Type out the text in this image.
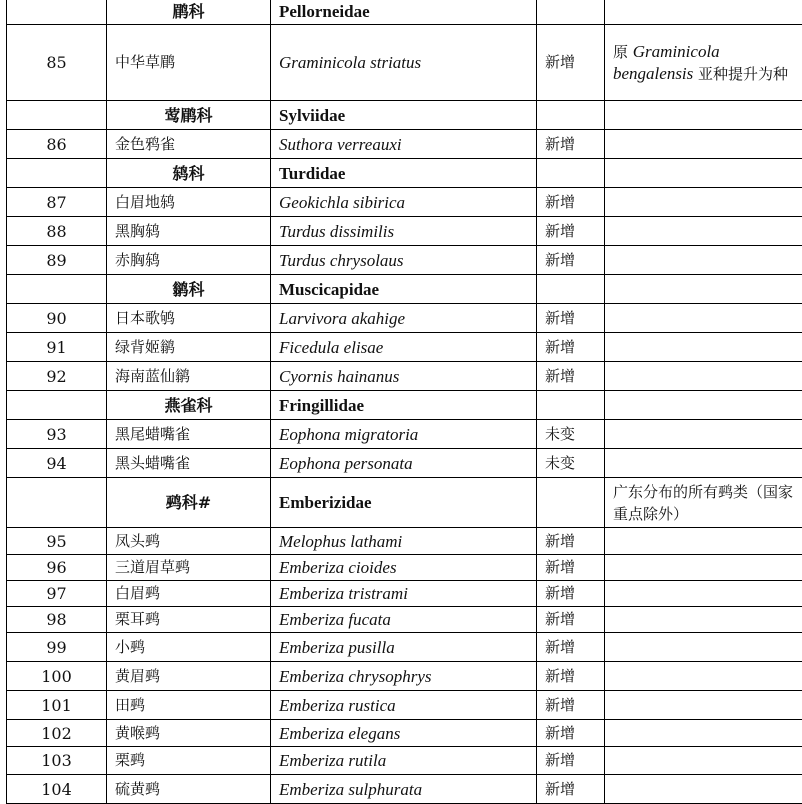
	鹛科	Pellorneidae		
85	中华草鹛	Graminicola striatus	新增	原 Graminicola bengalensis 亚种提升为种
	莺鹛科	Sylviidae		
86	金色鸦雀	Suthora verreauxi	新增	
	鸫科	Turdidae		
87	白眉地鸫	Geokichla sibirica	新增	
88	黑胸鸫	Turdus dissimilis	新增	
89	赤胸鸫	Turdus chrysolaus	新增	
	鹟科	Muscicapidae		
90	日本歌鸲	Larvivora akahige	新增	
91	绿背姬鹟	Ficedula elisae	新增	
92	海南蓝仙鹟	Cyornis hainanus	新增	
	燕雀科	Fringillidae		
93	黑尾蜡嘴雀	Eophona migratoria	未变	
94	黑头蜡嘴雀	Eophona personata	未变	
	鹀科#	Emberizidae		广东分布的所有鹀类（国家重点除外）
95	凤头鹀	Melophus lathami	新增	
96	三道眉草鹀	Emberiza cioides	新增	
97	白眉鹀	Emberiza tristrami	新增	
98	栗耳鹀	Emberiza fucata	新增	
99	小鹀	Emberiza pusilla	新增	
100	黄眉鹀	Emberiza chrysophrys	新增	
101	田鹀	Emberiza rustica	新增	
102	黄喉鹀	Emberiza elegans	新增	
103	栗鹀	Emberiza rutila	新增	
104	硫黄鹀	Emberiza sulphurata	新增	
